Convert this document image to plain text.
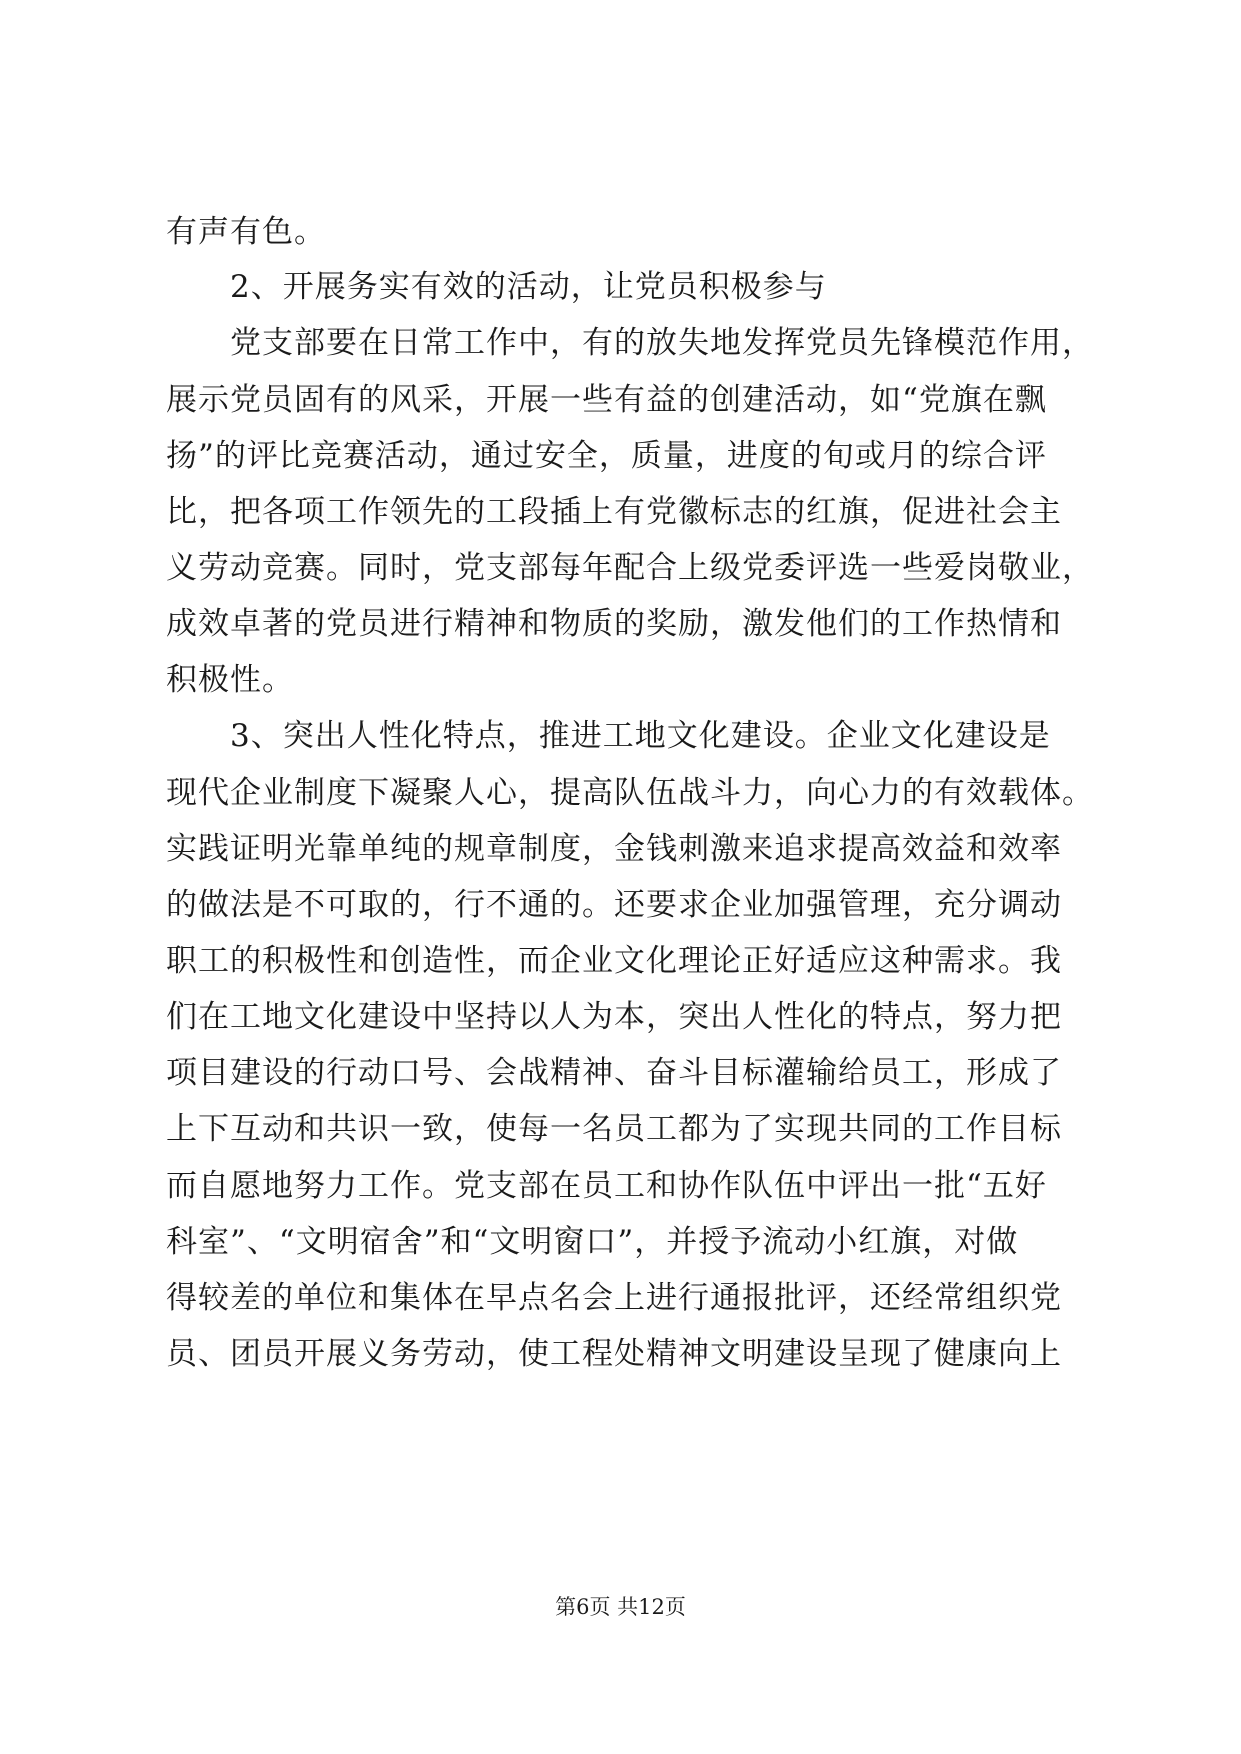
有声有色。
2、开展务实有效的活动，让党员积极参与
党支部要在日常工作中，有的放失地发挥党员先锋模范作用，
展示党员固有的风采，开展一些有益的创建活动，如“党旗在飘
扬”的评比竞赛活动，通过安全，质量，进度的旬或月的综合评
比，把各项工作领先的工段插上有党徽标志的红旗，促进社会主
义劳动竞赛。同时，党支部每年配合上级党委评选一些爱岗敬业，
成效卓著的党员进行精神和物质的奖励，激发他们的工作热情和
积极性。
3、突出人性化特点，推进工地文化建设。企业文化建设是
现代企业制度下凝聚人心，提高队伍战斗力，向心力的有效载体。
实践证明光靠单纯的规章制度，金钱刺激来追求提高效益和效率
的做法是不可取的，行不通的。还要求企业加强管理，充分调动
职工的积极性和创造性，而企业文化理论正好适应这种需求。我
们在工地文化建设中坚持以人为本，突出人性化的特点，努力把
项目建设的行动口号、会战精神、奋斗目标灌输给员工，形成了
上下互动和共识一致，使每一名员工都为了实现共同的工作目标
而自愿地努力工作。党支部在员工和协作队伍中评出一批“五好
科室”、“文明宿舍”和“文明窗口”，并授予流动小红旗，对做
得较差的单位和集体在早点名会上进行通报批评，还经常组织党
员、团员开展义务劳动，使工程处精神文明建设呈现了健康向上
第6页 共12页
